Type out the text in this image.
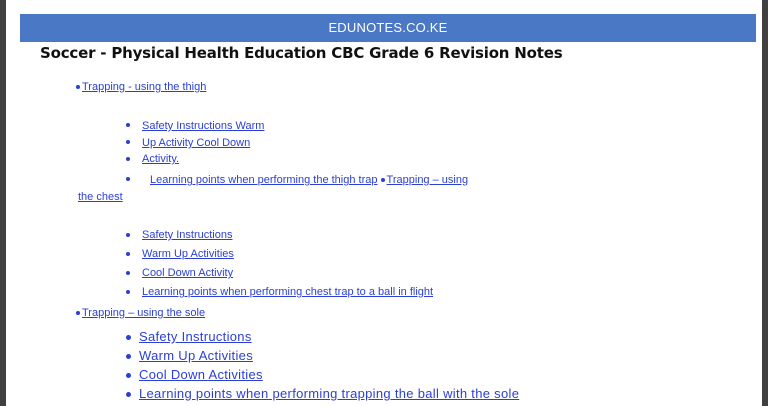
EDUNOTES.CO.KE
Soccer - Physical Health Education CBC Grade 6 Revision Notes
Trapping - using the thigh
Safety Instructions Warm
Up Activity Cool Down
Activity.
Learning points when performing the thigh trap Trapping – using
the chest
Safety Instructions
Warm Up Activities
Cool Down Activity
Learning points when performing chest trap to a ball in flight
Trapping – using the sole
Safety Instructions
Warm Up Activities
Cool Down Activities
Learning points when performing trapping the ball with the sole
